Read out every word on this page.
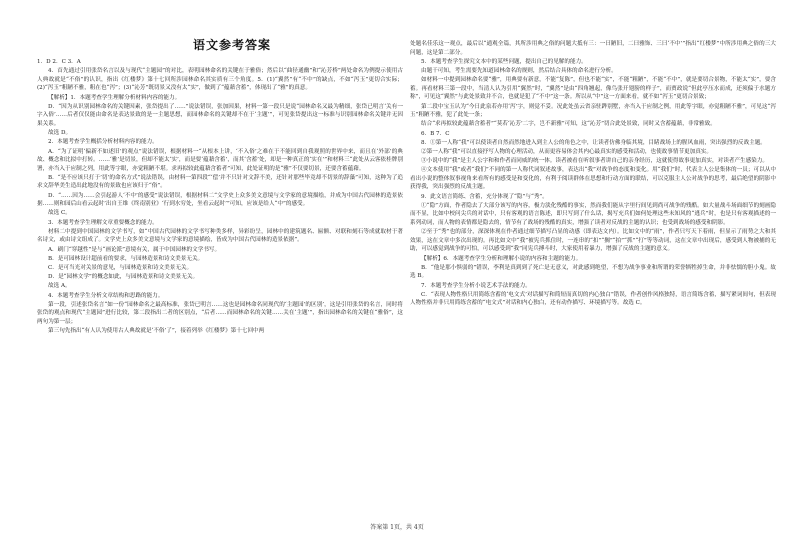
语文参考答案

1．D 2．C 3．A

4．首先通过引用张岱名言以及与现代“主题园”的对比，表明园林命名的关键在于雅俗；然后以“曲径通幽”和“沁芳桥”两处命名为例提示使用古人典故就是“不俗”的认识，指出《红楼梦》第十七回所涉园林命名其实质有三个角度。5．(1)“翼然”有“不中”的缺点，不如“泻玉”更切合实际；(2)“泻玉”粗陋不雅，粗在也“泻”；(3)“沁芳”既切景又没有太“实”，做到了“蕴藉含蓄”，体现出了“雅”的真意。

【解析】1．本题考查学生理解分析材料内容的能力。

D．“因为从识别园林命名的关键因素，张岱提出了……”说法错误，张加因果，材料一第一段只是说“园林命名又最为精细，张岱已明言‘关有一字入俗’……后者仅仅能由命名是表达景致的是一主题思想，而园林命名的关键却不在于‘主题’”，可见张岱提出这一标准与识别园林命名关键并无因果关系。

故选 D。

2．本题考查学生概括分析材料内容的能力。

A．“为了证明‘偏新不如述旧’的观点”说法错误，根据材料一“从根本上讲，‘不入俗’之难在于不能回到自我观照的世界中来，而且在‘外部’的典故、概念和比拟中打转。……‘雅’是切景，但却不能太‘实’，而是要‘蕴藉含蓄’，而其‘含蓄’处，却是一种真正的‘实在’”和材料三“此处从云客依桂牌别署，亦当入于应制之列，用此等字眼，亦觉粗陋不堪。求再拟较此蕴藉含蓄者”可知，此处证明的是“雅”不仅要切景，还要含蓄蕴藉。

B．“是不应该只打于’切’的命名方式”说法错误，由材料一第四段“‘偿’并不只针对文辞不美，还针对那些毕竟却不切景的辞藻”可知，这种为了追求文辞华美生造出此地没有的景致也应该归于“俗”。

D．“……因为……会引起游人‘不中’的感受”说法错误，根据材料二“文学史上众多美文意境与文学家的意境描绘，并成为中国古代园林的造景依据……则和园后山看云起时’出自王维《终南别业》‘行到水穷处，坐看云起时’”可知，应该是给人“中”的感受。

故选 C。

3．本题考查学生理解文章重要概念的能力。

材料二中提到中国园林的文学书写，如“中国古代园林的文学书写种类多样，异彩纷呈，园林中的建筑题名、匾额、对联和刻石等成就取材于著名诗文，或由诗文组成了。文学史上众多美文意境与文学家的意境描绘，皆成为中国古代园林的造景依据”。

A．刷门“穿越性”是与“画论派”意境有关，属于中国园林的文学书写。

B．是可园林设计超前看的要求，与园林造景和诗文美景无关。

C．是可当光对关景的意见，与园林造景和诗文美景无关。

D．是“园林文学”的概念如此，与园林造景和诗文美景无关。

故选 A。

4．本题考查学生分析文章结构和思路的能力。

第一段，引述张岱名言“如一份“园林命名之最高标准，张岱已明言……这也是园林命名同现代的‘主题园’的区别’，这是引用张岱的名言，同时将张岱的观点和现代“主题园”进行比较，第二段指出二者的区别点，“后者……而园林命名的关键……关在‘主题’”，指出园林命名的关键在“雅俗”，这两句为第一层；

第三句先指出“有人认为使用古人典故就是‘不俗’了”，接着列举《红楼梦》第十七回中两

处题名佳乐这一观点，最后以“通观全篇，其所涉用典之俗的问题大抵有三：一曰陋旧，二曰雅饰、三曰‘不中’”指出“红楼梦”中所涉用典之俗的三大问题，这是第二部分。

5．本题考查学生探究文本中的某些问题，提出自己的见解的能力。

由题干可知，考生需要先知道园林命名的规则，然后结合具体的命名进行分析。

如材料一中提到园林命名要“雅”，用典要有新意，不能“复陈”，但也不能“实”，不能“粗陋”，不能“不中”，就是要切合景物，不能太“实”，要含蓄。再看材料三第一段中，当清人认为引用“翼然”时，“翼然”是由“四角翘起，像鸟张开翅膀的样子”，而贾政说“但此亭压水而成，还须偏于水题方称”，可见这“翼然”与此处景致并不合，也就是犯了“不中”这一条。所以从“中”这一方面来看，就不如“泻玉”更切合景致；

第二段中宝玉认为“今日此泉若亦用‘泻’字，则觉不妥。况此处虽云省亲驻跸别墅，亦当入于应制之例，用此等字眼，亦觉粗陋不雅”，可见这“泻玉”粗陋不雅，犯了此处一条；

结合“求再拟较此蕴藉含蓄者”“莫若‘沁芳’二字，岂不新雅”可知，这“沁芳”切合此处景致，同时又含蓄蕴藉，非常雅致。

6．B 7．C

8．①第一人称“我”可以使读者自然而然地进入到主人公的角色之中，让读者仿佛身临其境，目睹战场上的腥风血雨，突出强烈的反战主题。

②第一人称“我”可以直接抒写人物的心理活动，从而更容易体会其内心最真实的感受和活动，也使故事情节更加真实。

③小说中的“我”是主人公字和和作者而同威的统一体。读者被看在听叙事者讲自己的亲身经历，这就使得故事更加真实，对读者产生感染力。

④文本使用“我”或者“我们”不同的第一人称代词叙述故事，表达出“我”对战争的态度和变化。用“我们”时，代表主人公是集体的一员；可以从中看出小说的整体叙事视角来看所有的感受是和变化的，有利于阅读群体在思想和行动方面的联结，可以克服主人公对战争的思考，最后绝望的阴影中获得我，突出强烈的反战主题。

9．此文语言简练、含蓄，充分体现了“隐”与“秀”。

①“隐”方面，作者隐去了大部分该写的内容，极力淡化残酷的事实，然而我们能从字里行间见到尚可战争的残酷。如大量战斗场面细节的刻画隐而不显，比如中校问尖兵的对话中，只有客观的语言陈述，即只写到了什么话，揭写充兵们如何处理这些未知风的“逃兵”时，也是只有客观描述的一系列动词，而人物的表情都是隐去的，情节有了战场的残酷的真实，增强了读者对反战的主题的认识；也受到战场的感受和阴影。

②至于“秀”也的部分，深深体现在作者通过细节描写凸显的动感（即表达文内）。比如文中的“雨”，作者只写天下着雨，但显示了雨势之大和其效果，这在文章中多次出现的。再比如文中“我”被宪兵抓住时，一连串的“扣”“搁”“拍”“抓”“打”等等动词，这在文章中出现后，感受到人物被捕的无助，可以感觉到战争的可怕，可以感受到“我”同宪兵搏斗时，大家使用着暴力，增强了反战的主题的意义。

【解析】6．本题考查学生分析和理解小说的内容和主题的能力。

B．“他是那小惧弱的”错误，李利是真到到了死亡是无意义，对此感到绝望，不想为战争事业和所谓的荣誉牺牲掉生命，并非怯懦的胆小鬼。故选 B。

7．本题考查学生分析小说艺术手法的能力。

C．“表现人物性格只用简练含蓄的‘电文式’对话描写和简短而真切的内心独白”错误，作者创作风格独特，语言简练含蓄，描写紧词间句，但表现人物性格并非只用简练含蓄的“电文式”对话和内心独白，还有动作描写、环境描写等。故选 C。

答案第 1页，共 4页
